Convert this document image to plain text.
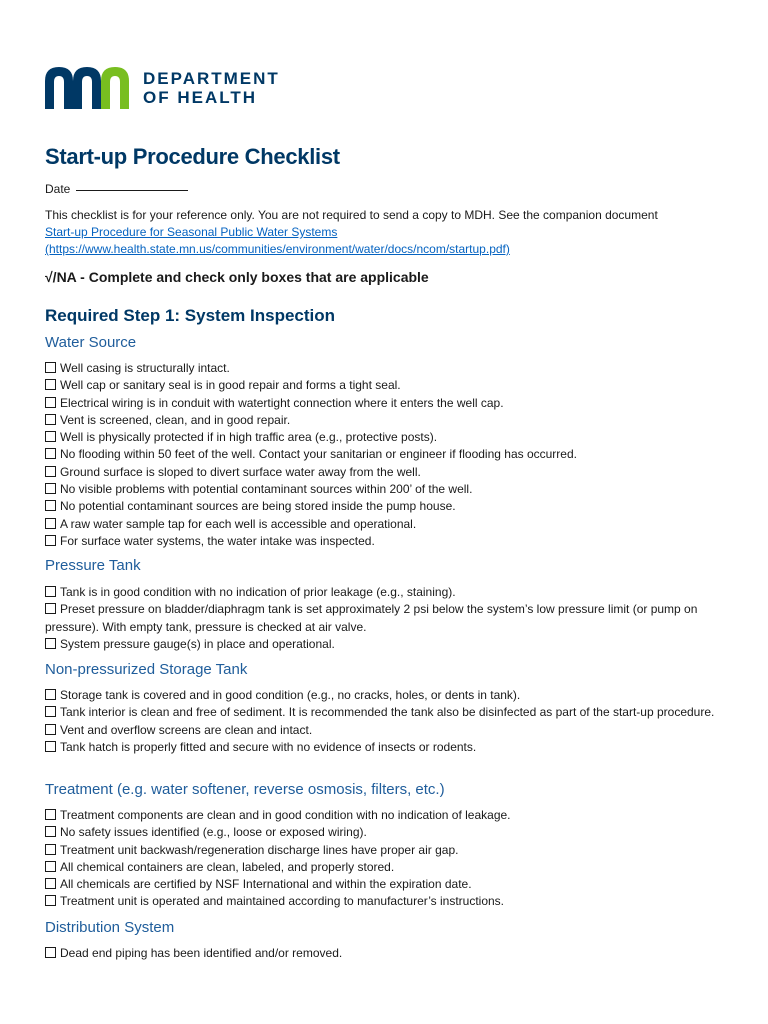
DEPARTMENT
OF HEALTH
Start-up Procedure Checklist
Date
This checklist is for your reference only. You are not required to send a copy to MDH. See the companion document
Start-up Procedure for Seasonal Public Water Systems
(https://www.health.state.mn.us/communities/environment/water/docs/ncom/startup.pdf)
√/NA - Complete and check only boxes that are applicable
Required Step 1: System Inspection
Water Source
Well casing is structurally intact.
Well cap or sanitary seal is in good repair and forms a tight seal.
Electrical wiring is in conduit with watertight connection where it enters the well cap.
Vent is screened, clean, and in good repair.
Well is physically protected if in high traffic area (e.g., protective posts).
No flooding within 50 feet of the well. Contact your sanitarian or engineer if flooding has occurred.
Ground surface is sloped to divert surface water away from the well.
No visible problems with potential contaminant sources within 200’ of the well.
No potential contaminant sources are being stored inside the pump house.
A raw water sample tap for each well is accessible and operational.
For surface water systems, the water intake was inspected.
Pressure Tank
Tank is in good condition with no indication of prior leakage (e.g., staining).
Preset pressure on bladder/diaphragm tank is set approximately 2 psi below the system’s low pressure limit (or pump on pressure). With empty tank, pressure is checked at air valve.
System pressure gauge(s) in place and operational.
Non-pressurized Storage Tank
Storage tank is covered and in good condition (e.g., no cracks, holes, or dents in tank).
Tank interior is clean and free of sediment. It is recommended the tank also be disinfected as part of the start-up procedure.
Vent and overflow screens are clean and intact.
Tank hatch is properly fitted and secure with no evidence of insects or rodents.
Treatment (e.g. water softener, reverse osmosis, filters, etc.)
Treatment components are clean and in good condition with no indication of leakage.
No safety issues identified (e.g., loose or exposed wiring).
Treatment unit backwash/regeneration discharge lines have proper air gap.
All chemical containers are clean, labeled, and properly stored.
All chemicals are certified by NSF International and within the expiration date.
Treatment unit is operated and maintained according to manufacturer’s instructions.
Distribution System
Dead end piping has been identified and/or removed.
